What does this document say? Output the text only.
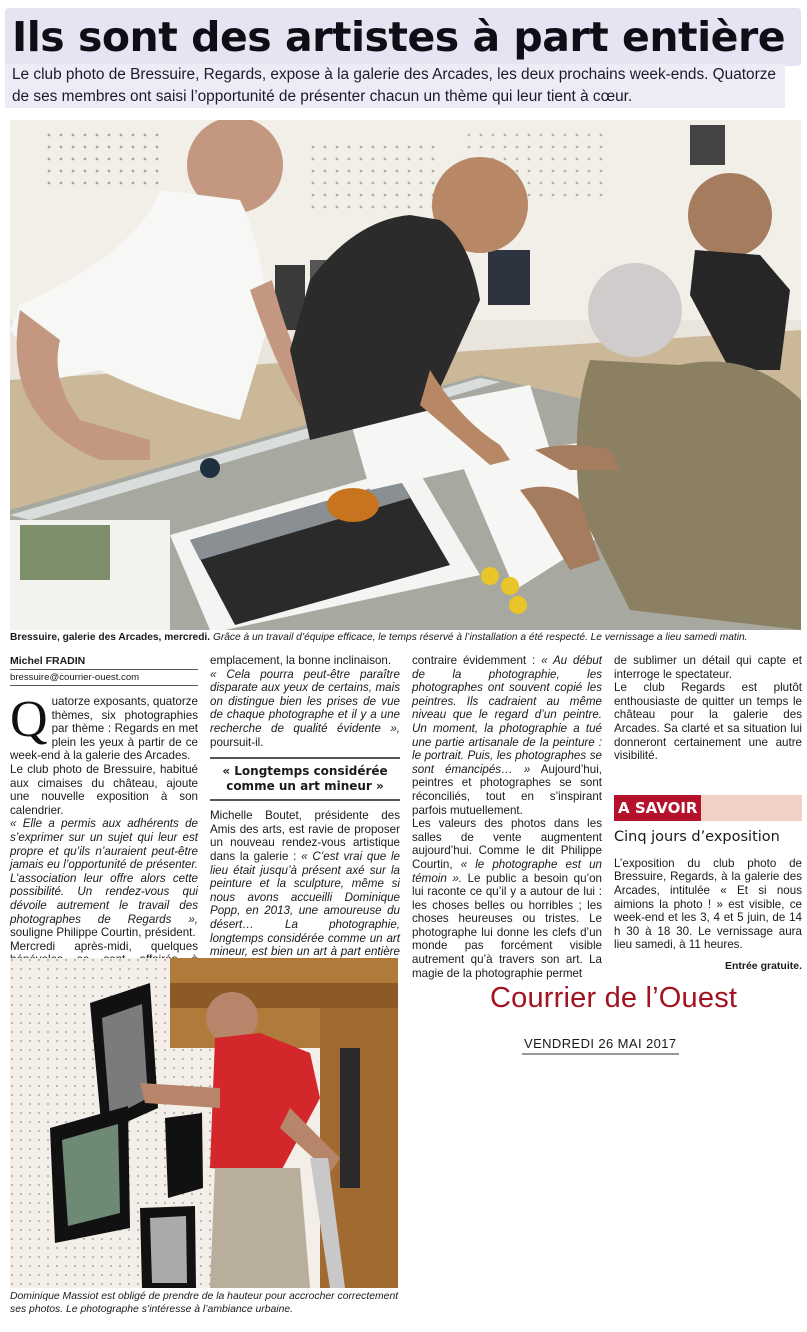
Ils sont des artistes à part entière
Le club photo de Bressuire, Regards, expose à la galerie des Arcades, les deux prochains week-ends. Quatorze de ses membres ont saisi l’opportunité de présenter chacun un thème qui leur tient à cœur.
Bressuire, galerie des Arcades, mercredi. Grâce à un travail d’équipe efficace, le temps réservé à l’installation a été respecté. Le vernissage a lieu samedi matin.
Michel FRADIN
bressuire@courrier-ouest.com

Quatorze exposants, quatorze thèmes, six photographies par thème : Regards en met plein les yeux à partir de ce week-end à la galerie des Arcades.

Le club photo de Bressuire, habitué aux cimaises du château, ajoute une nouvelle exposition à son calendrier.

« Elle a permis aux adhérents de s’exprimer sur un sujet qui leur est propre et qu’ils n’auraient peut-être jamais eu l’opportunité de présenter. L’association leur offre alors cette possibilité. Un rendez-vous qui dévoile autrement le travail des photographes de Regards », souligne Philippe Courtin, président.

Mercredi après-midi, quelques

emplacement, la bonne inclinaison.

« Cela pourra peut-être paraître disparate aux yeux de certains, mais on distingue bien les prises de vue de chaque photographe et il y a une recherche de qualité évidente », poursuit-il.

« Longtemps considérée comme un art mineur »

Michelle Boutet, présidente des Amis des arts, est ravie de proposer un nouveau rendez-vous artistique dans la galerie : « C’est vrai que le lieu était jusqu’à présent axé sur la peinture et la sculpture, même si nous avons accueilli Dominique Popp, en 2013, une amoureuse du désert… La photographie, longtemps considérée comme un art mineur, est bien un art à part entière

contraire évidemment : « Au début de la photographie, les photographes ont souvent copié les peintres. Ils cadraient au même niveau que le regard d’un peintre. Un moment, la photographie a tué une partie artisanale de la peinture : le portrait. Puis, les photographes se sont émancipés… » Aujourd’hui, peintres et photographes se sont réconciliés, tout en s’inspirant parfois mutuellement.

Les valeurs des photos dans les salles de vente augmentent aujourd’hui. Comme le dit Philippe Courtin, « le photographe est un témoin ». Le public a besoin qu’on lui raconte ce qu’il y a autour de lui : les choses belles ou horribles ; les choses heureuses ou tristes. Le photographe lui donne les clefs d’un monde pas forcément visible autrement qu’à travers son art. La magie de la photographie permet

de sublimer un détail qui capte et interroge le spectateur.

Le club Regards est plutôt enthousiaste de quitter un temps le château pour la galerie des Arcades. Sa clarté et sa situation lui donneront certainement une autre visibilité.

A SAVOIR
Cinq jours d’exposition

L’exposition du club photo de Bressuire, Regards, à la galerie des Arcades, intitulée « Et si nous aimions la photo ! » est visible, ce week-end et les 3, 4 et 5 juin, de 14 h 30 à 18 30. Le vernissage aura lieu samedi, à 11 heures.

Entrée gratuite.
Dominique Massiot est obligé de prendre de la hauteur pour accrocher correctement ses photos. Le photographe s’intéresse à l’ambiance urbaine.
Courrier de l’Ouest
VENDREDI 26 MAI 2017
